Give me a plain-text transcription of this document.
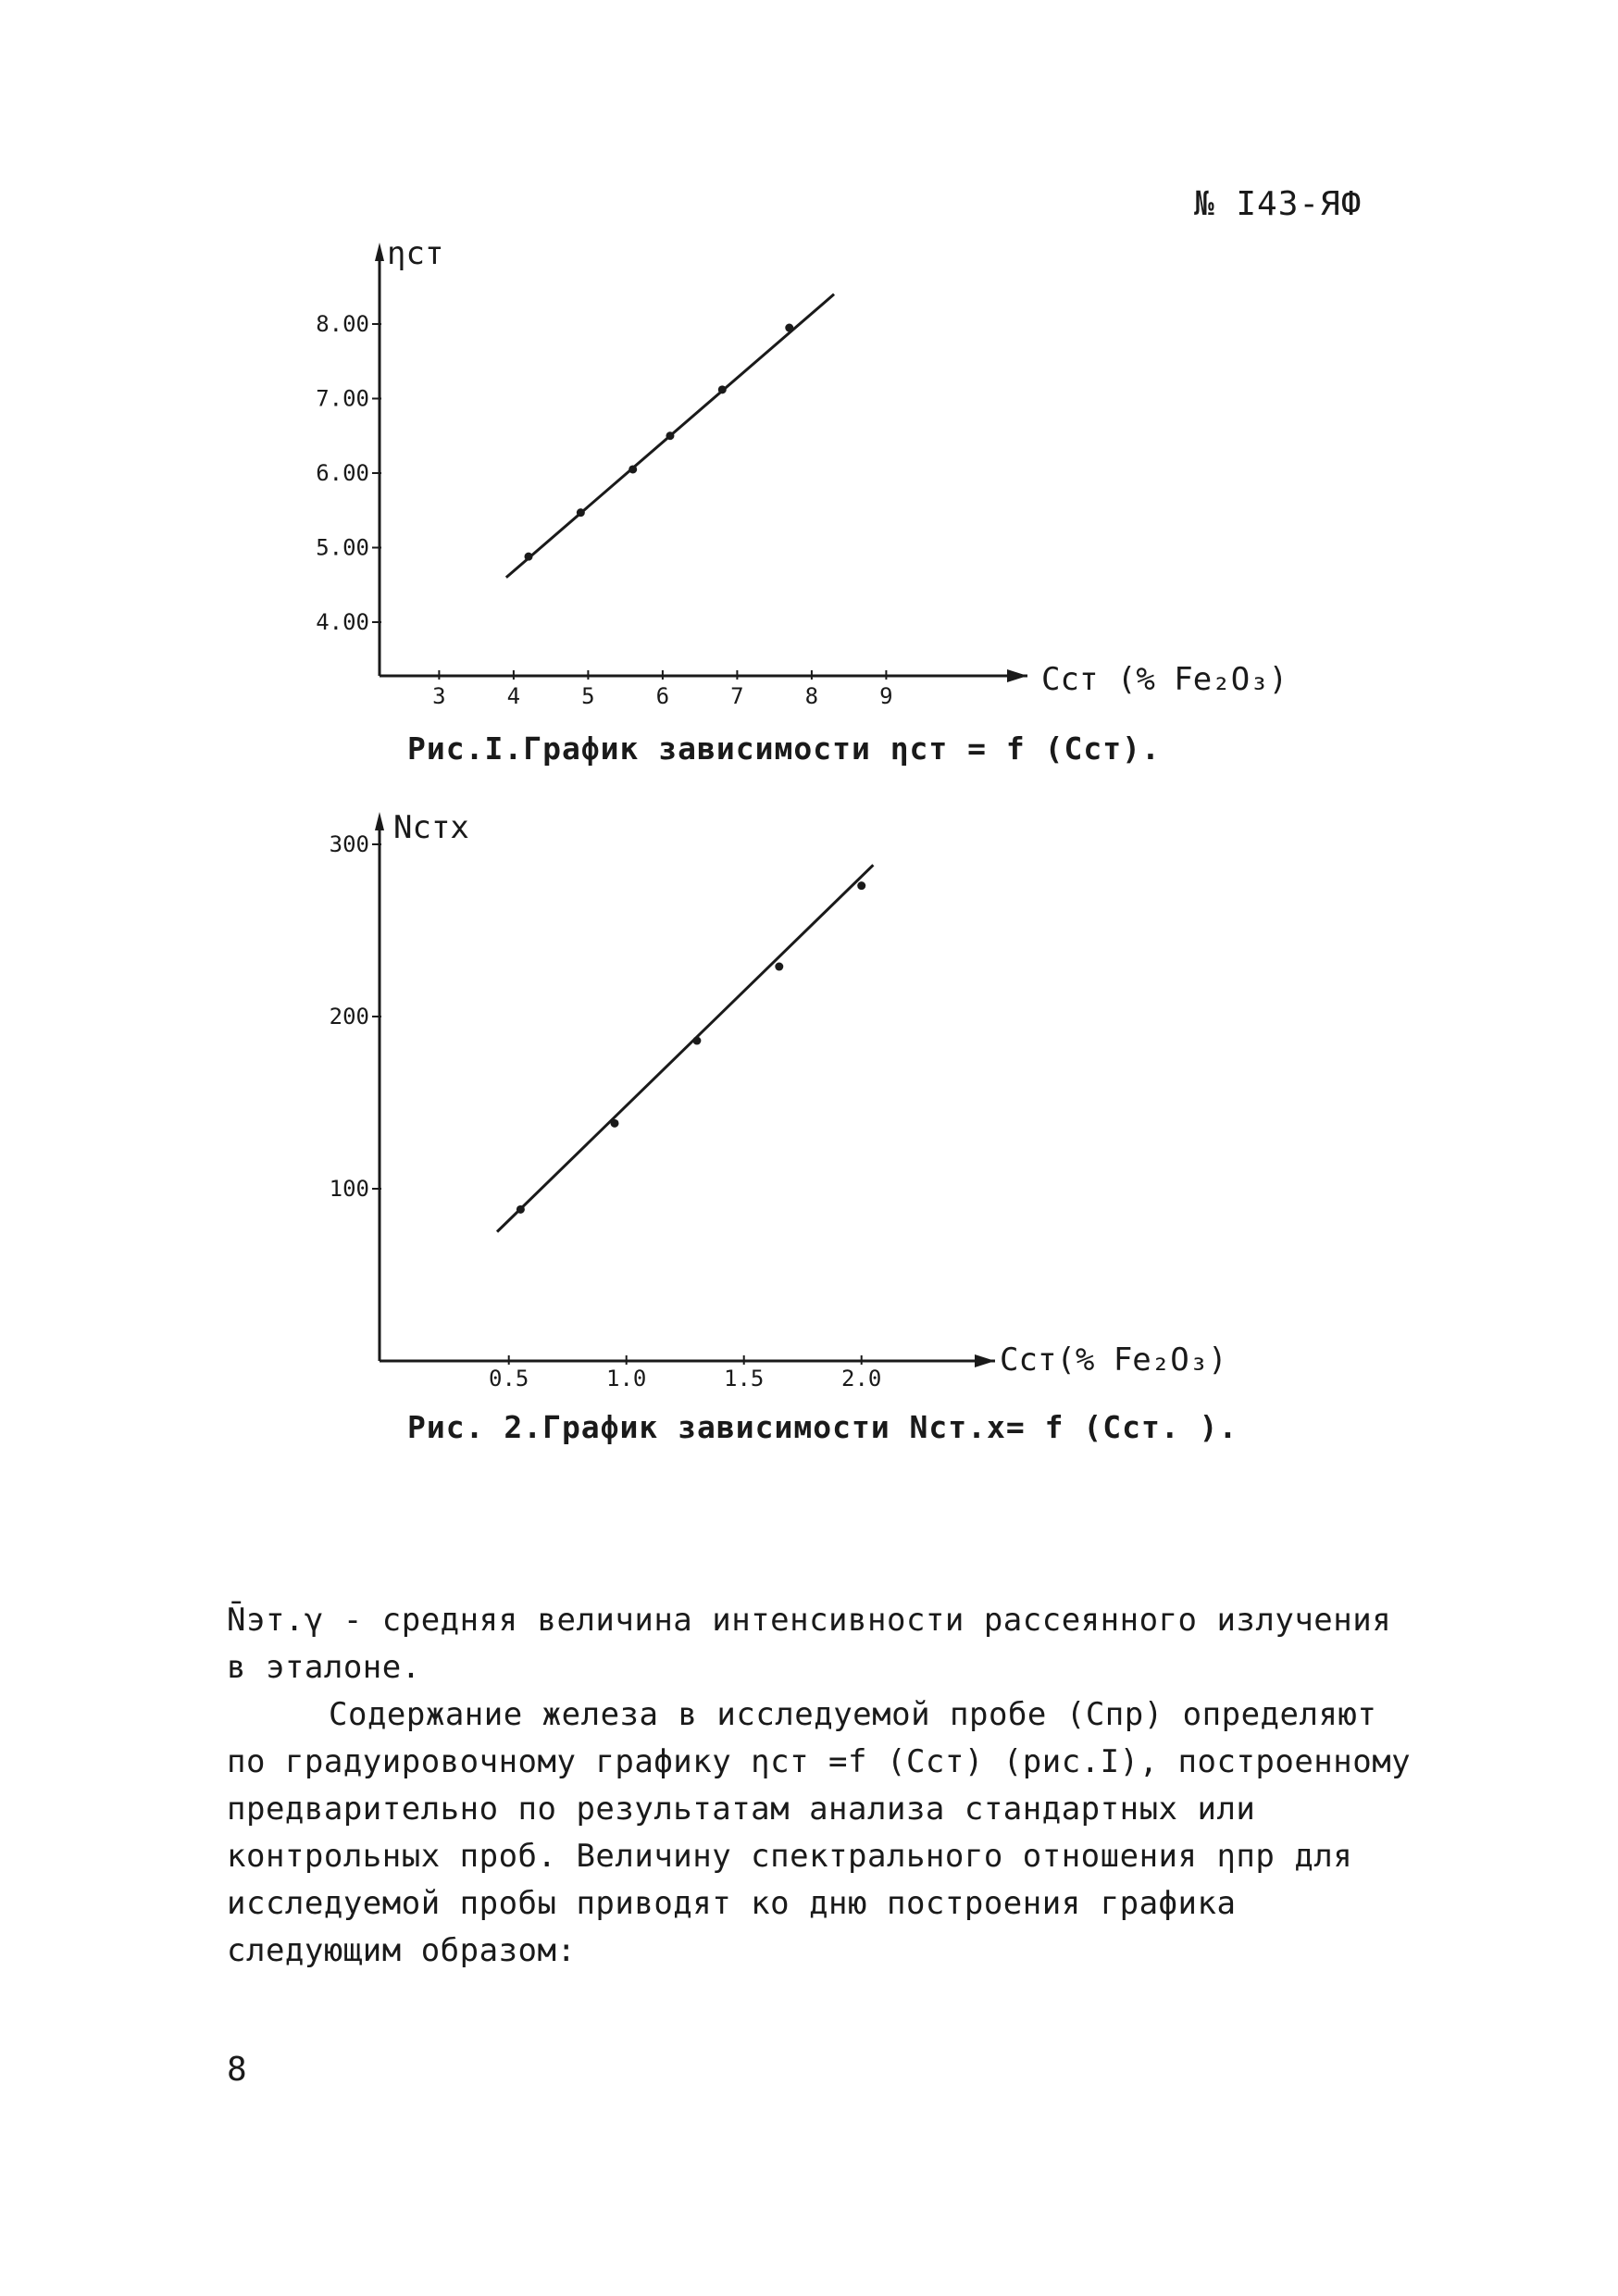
№ I43-ЯФ
3	4	5	6	7	8	9
4.00
5.00
6.00
7.00
8.00
ηст
Cст (% Fe₂O₃)
Рис.I.График зависимости ηст = f (Cст).
0.5	1.0	1.5	2.0
100
200
300 Nстx
Cст(% Fe₂O₃)
Рис. 2.График зависимости Nст.x= f (Cст. ).

N̄эт.γ - средняя величина интенсивности рассеянного излучения в эталоне.

Содержание железа в исследуемой пробе (Cпр) определяют по градуировочному графику ηст =f (Cст) (рис.I), построенному предварительно по результатам анализа стандартных или контрольных проб. Величину спектрального отношения ηпр для исследуемой пробы приводят ко дню построения графика следующим образом:

8
